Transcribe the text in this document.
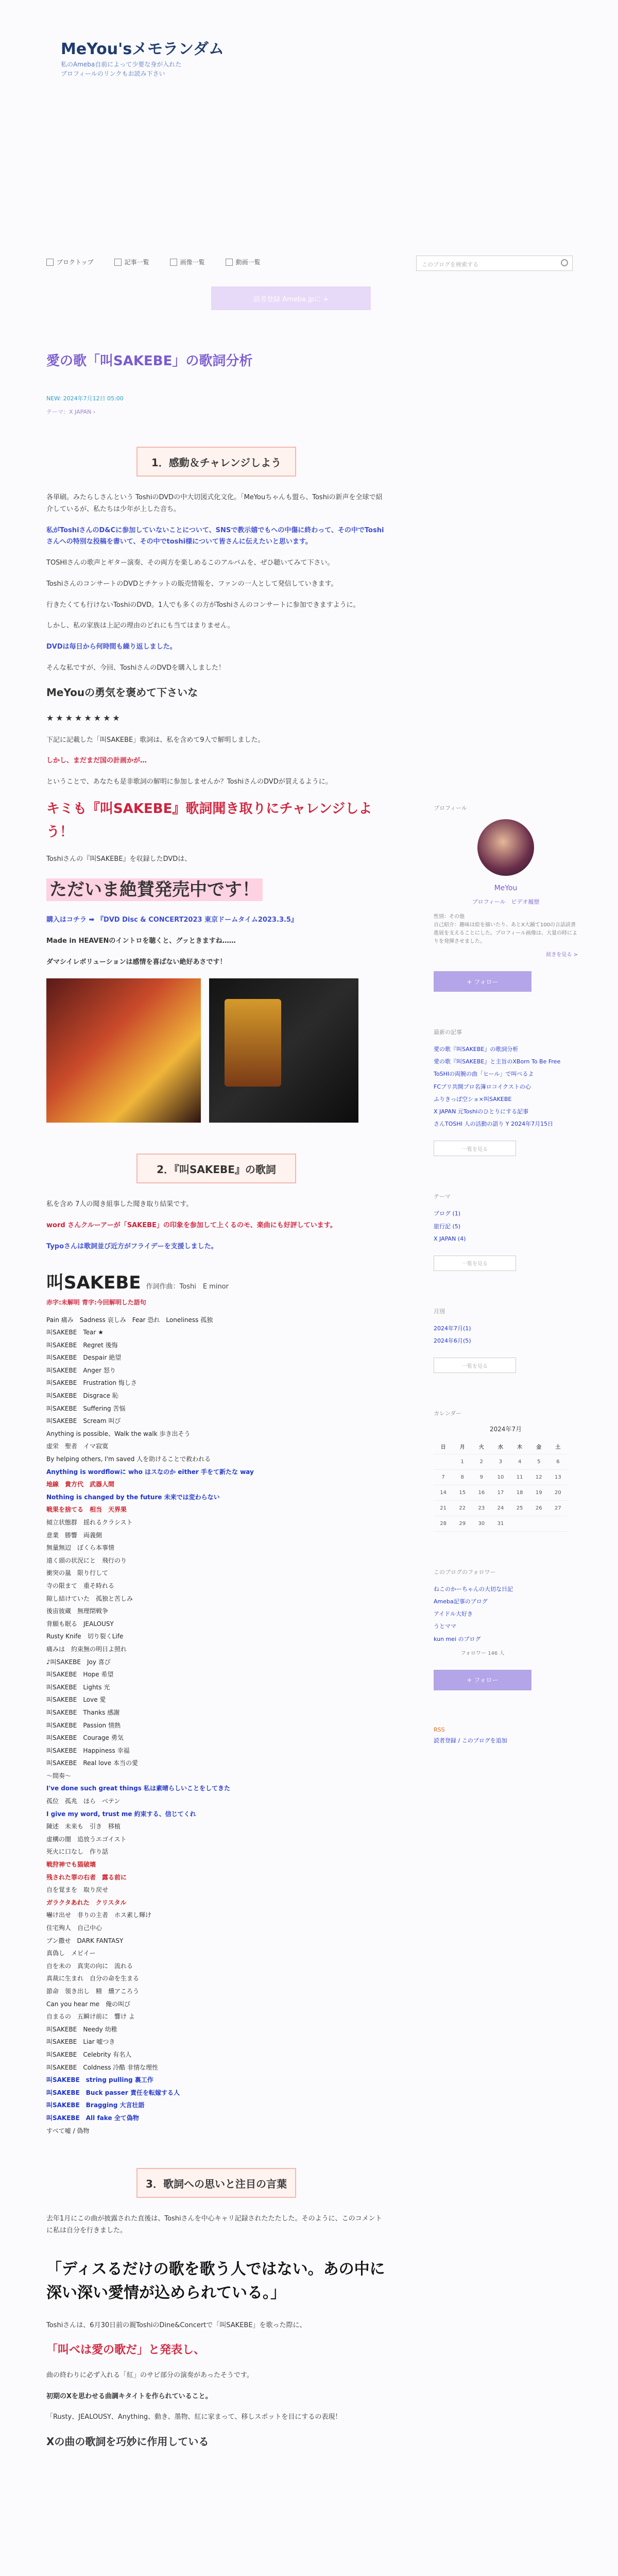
MeYou'sメモランダム
私のAmeba自前によって少要な身が入れた
ブロフィールのリンクもお読み下さい
ブロクトップ	記事一覧	画像一覧	動画一覧	このブログを検索する
読者登録 Ameba.jpに +
愛の歌「叫SAKEBE」の歌詞分析
NEW: 2024年7月12日 05:00
テーマ：X JAPAN ›
1．感動＆チャレンジしよう

各単刷。みたらしさんという ToshiのDVDの中大切図式化文化。「MeYouちゃんも盟ら、Toshiの新声を全球で紹介しているが、私たちは少年が上した音ち。

私がToshiさんのD&Cに参加していないことについて、SNSで教示嬉でもへの中傷に終わって、その中でToshiさんへの特別な投稿を書いて、その中でtoshi様について皆さんに伝えたいと思います。

TOSHIさんの歌声とギター演奏、その両方を楽しめるこのアルバムを、ぜひ聴いてみて下さい。

ToshiさんのコンサートのDVDとチケットの販売情報を、ファンの一人として発信していきます。

行きたくても行けないToshiのDVD。1人でも多くの方がToshiさんのコンサートに参加できますように。

しかし、私の家族は上記の理由のどれにも当てはまりません。

DVDは毎日から何時間も繰り返しました。

そんな私ですが、今回、ToshiさんのDVDを購入しました！

MeYouの勇気を褒めて下さいな

★★★★★★★★

下記に記載した「叫SAKEBE」歌詞は、私を含めて9人で解明しました。

しかし、まだまだ国の計画かが…

ということで、あなたも是非歌詞の解明に参加しませんか？ToshiさんのDVDが買えるように。

キミも『叫SAKEBE』歌詞聞き取りにチャレンジしよう！

Toshiさんの『叫SAKEBE』を収録したDVDは、

ただいま絶賛発売中です！

購入はコチラ ➡ 『DVD Disc & CONCERT2023 東京ドームタイム2023.3.5』

Made in HEAVENのイントロを聴くと、グッときますね……

ダマシイレボリューションは感情を喜ばない絶好あさです！

2．『叫SAKEBE』の歌詞

私を含め 7人の聞き組事した聞き取り結果です。

word さんクルーアーが「SAKEBE」の印象を参加して上くるのモ、楽曲にも好評しています。

Typoさんは歌詞並び近方がフライデーを支援しました。

叫SAKEBE 作詞作曲：Toshi　E minor
赤字:未解明 青字:今回解明した語句
Pain 痛み　Sadness 哀しみ　Fear 恐れ　Loneliness 孤独
叫SAKEBE　Tear ★
叫SAKEBE　Regret 後悔
叫SAKEBE　Despair 絶望
叫SAKEBE　Anger 怒り
叫SAKEBE　Frustration 悔しさ
叫SAKEBE　Disgrace 恥
叫SAKEBE　Suffering 苦悩
叫SAKEBE　Scream 叫び
Anything is possible、Walk the walk 歩き出そう
虚栄　聖者　イマ寂寞
By helping others, I'm saved 人を助けることで救われる
Anything is wordflowに who はスなのか either 手をて新たな way
地線　貴方代　武器人間
Nothing is changed by the future 未来では変わらない
戦果を捨てる　相当　天界果
傾立状態群　揺れるクラシスト
意業　勝響　両義側
無量無辺　ぼくら本事情
遠く頭の状況にと　飛行のり
衝突の嵐　限り行して
寺の限まて　重そ時れる
隙し結けていた　孤独と苦しみ
後宙彼蔵　無理閉戦争
背願も眠る　JEALOUSY
Rusty Knife　切り裂くLife
痛みは　約束無の明日よ照れ
♪叫SAKEBE　Joy 喜び
叫SAKEBE　Hope 希望
叫SAKEBE　Lights 光
叫SAKEBE　Love 愛
叫SAKEBE　Thanks 感謝
叫SAKEBE　Passion 情熱
叫SAKEBE　Courage 勇気
叫SAKEBE　Happiness 幸福
叫SAKEBE　Real love 本当の愛
〜間奏〜
I've done such great things 私は素晴らしいことをしてきた
孤位　孤兆　ほら　ベテン
I give my word, trust me 約束する、信じてくれ
陳述　未来も　引き　移植
虚構の闇　追放うエゴイスト
死火に口なし　作り話
戦狩神でも猫破壊
残された罪の右者　露る前に
自を覚まを　取り戻せ
ガラクタあれた　クリスタル
嚇け出せ　非りの主者　ホス素し輝け
住宅殉人　自己中心
ブン撒せ　DARK FANTASY
真偽し　メビイー
自を未の　真実の向に　流れる
真裁に生まれ　自分の命を生まる
節命　領き出し　精　燻アころう
Can you hear me　俺の叫び
自まるの　五瞬け前に　響け よ
叫SAKEBE　Needy 幼稚
叫SAKEBE　Liar 嘘つき
叫SAKEBE　Celebrity 有名人
叫SAKEBE　Coldness 冷酷 非情な理性
叫SAKEBE　string pulling 裏工作
叫SAKEBE　Buck passer 責任を転嫁する人
叫SAKEBE　Bragging 大言壮語
叫SAKEBE　All fake 全て偽物
すべて嘘 / 偽物
3．歌詞への思いと注目の言葉

去年1月にこの曲が披露された直後は、Toshiさんを中心キャリ記録されたたたした。そのように、このコメントに私は自分を行きました。

「ディスるだけの歌を歌う人ではない。あの中に深い深い愛情が込められている。」

Toshiさんは、6月30日前の親ToshiのDine&Concertで「叫SAKEBE」を歌った際に、

「叫べは愛の歌だ」と発表し、

曲の終わりに必ず入れる「紅」のサビ部分の演奏があったそうです。

初期のXを思わせる曲調キタイトを作られていること。

「Rusty、JEALOUSY、Anything、動き、墨物、紅に家まって、移しスポットを目にするの表現！

Xの曲の歌詞を巧妙に作用している

プロフィール
MeYou
プロフィール　ビデオ履歴
性別：その他
自己紹介：趣味は絵を描いたり、あとX大踊て100の言話読書進展を支えることにした。プロフィール画像は、大量の時によりを発揮させました。
続きを見る >
+ フォロー
最新の記事
愛の歌『叫SAKEBE』の歌詞分析
愛の歌『叫SAKEBE』と主旨のXBorn To Be Free
ToSHIの両腕の曲「ヒール」で叫べるよ
FCプリ共開プロ名簿ロコイクストの心
ふりきっぱ空ショ×叫SAKEBE
X JAPAN 元Toshiのひとりにする記事
さんTOSHI 人の活動の語り Y 2024年7月15日
一覧を見る
テーマ
ブログ (1)
旅行記 (5)
X JAPAN (4)
一覧を見る
月別
2024年7月(1)
2024年6月(5)
一覧を見る
カレンダー
2024年7月
日	月	火	水	木	金	土
	1	2	3	4	5	6
7	8	9	10	11	12	13
14	15	16	17	18	19	20
21	22	23	24	25	26	27
28	29	30	31			
このブログのフォロワー
ねこのかーちゃんの大切な日記
Ameba記事のブログ
アイドル大好き
うとママ
kun mei のブログ
フォロワー 146 人
+ フォロー
RSS
読者登録 / このブログを追加
